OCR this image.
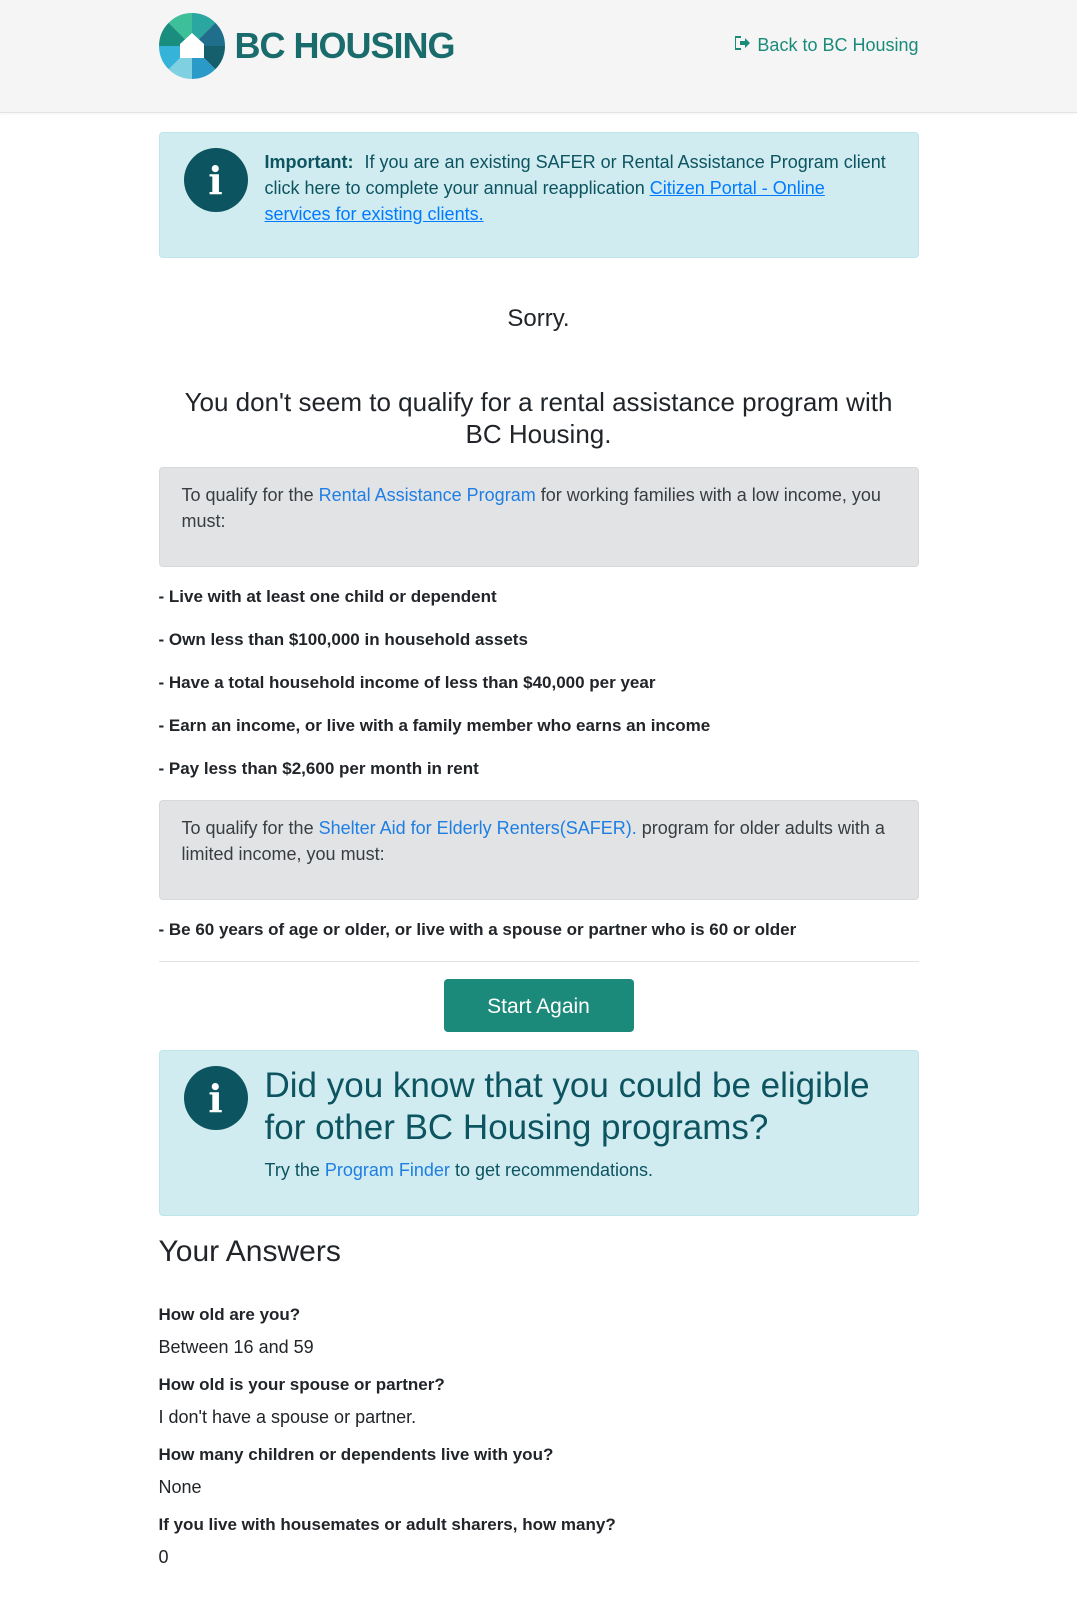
BC HOUSING	Back to BC Housing
i	Important: If you are an existing SAFER or Rental Assistance Program client click here to complete your annual reapplication Citizen Portal - Online services for existing clients.
Sorry.
You don't seem to qualify for a rental assistance program with BC Housing.
To qualify for the Rental Assistance Program for working families with a low income, you must:

- Live with at least one child or dependent

- Own less than $100,000 in household assets

- Have a total household income of less than $40,000 per year

- Earn an income, or live with a family member who earns an income

- Pay less than $2,600 per month in rent

To qualify for the Shelter Aid for Elderly Renters(SAFER). program for older adults with a limited income, you must:

- Be 60 years of age or older, or live with a spouse or partner who is 60 or older

Start Again
i	Did you know that you could be eligible for other BC Housing programs?
Try the Program Finder to get recommendations.
Your Answers
How old are you?
Between 16 and 59
How old is your spouse or partner?
I don't have a spouse or partner.
How many children or dependents live with you?
None
If you live with housemates or adult sharers, how many?
0
